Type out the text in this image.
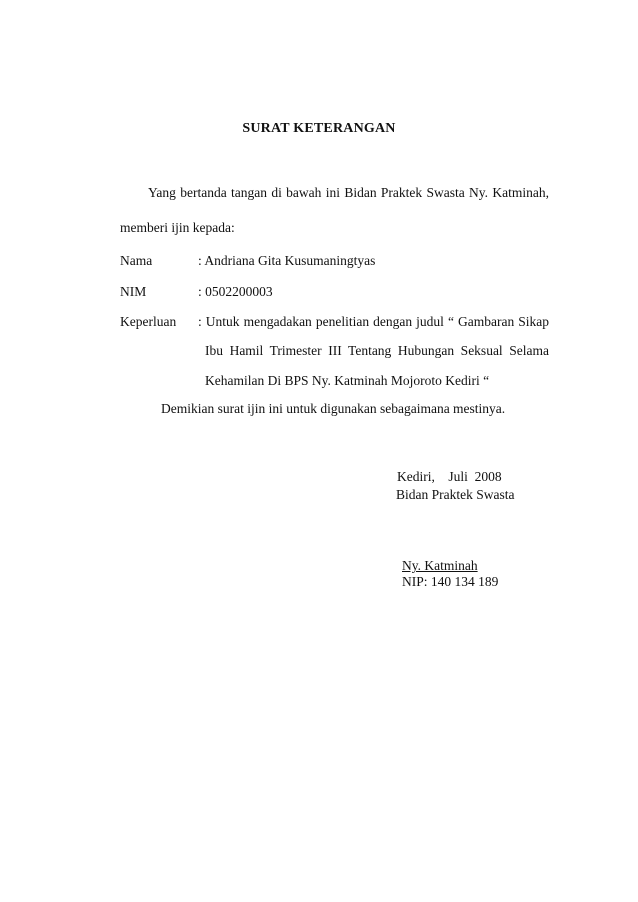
SURAT KETERANGAN
Yang bertanda tangan di bawah ini Bidan Praktek Swasta Ny. Katminah,
memberi ijin kepada:
Nama	: Andriana Gita Kusumaningtyas
NIM	: 0502200003
Keperluan : Untuk mengadakan penelitian dengan judul “ Gambaran Sikap
Ibu Hamil Trimester III Tentang Hubungan Seksual Selama
Kehamilan Di BPS Ny. Katminah Mojoroto Kediri “
Demikian surat ijin ini untuk digunakan sebagaimana mestinya.
Kediri,    Juli  2008
Bidan Praktek Swasta
Ny. Katminah
NIP: 140 134 189
